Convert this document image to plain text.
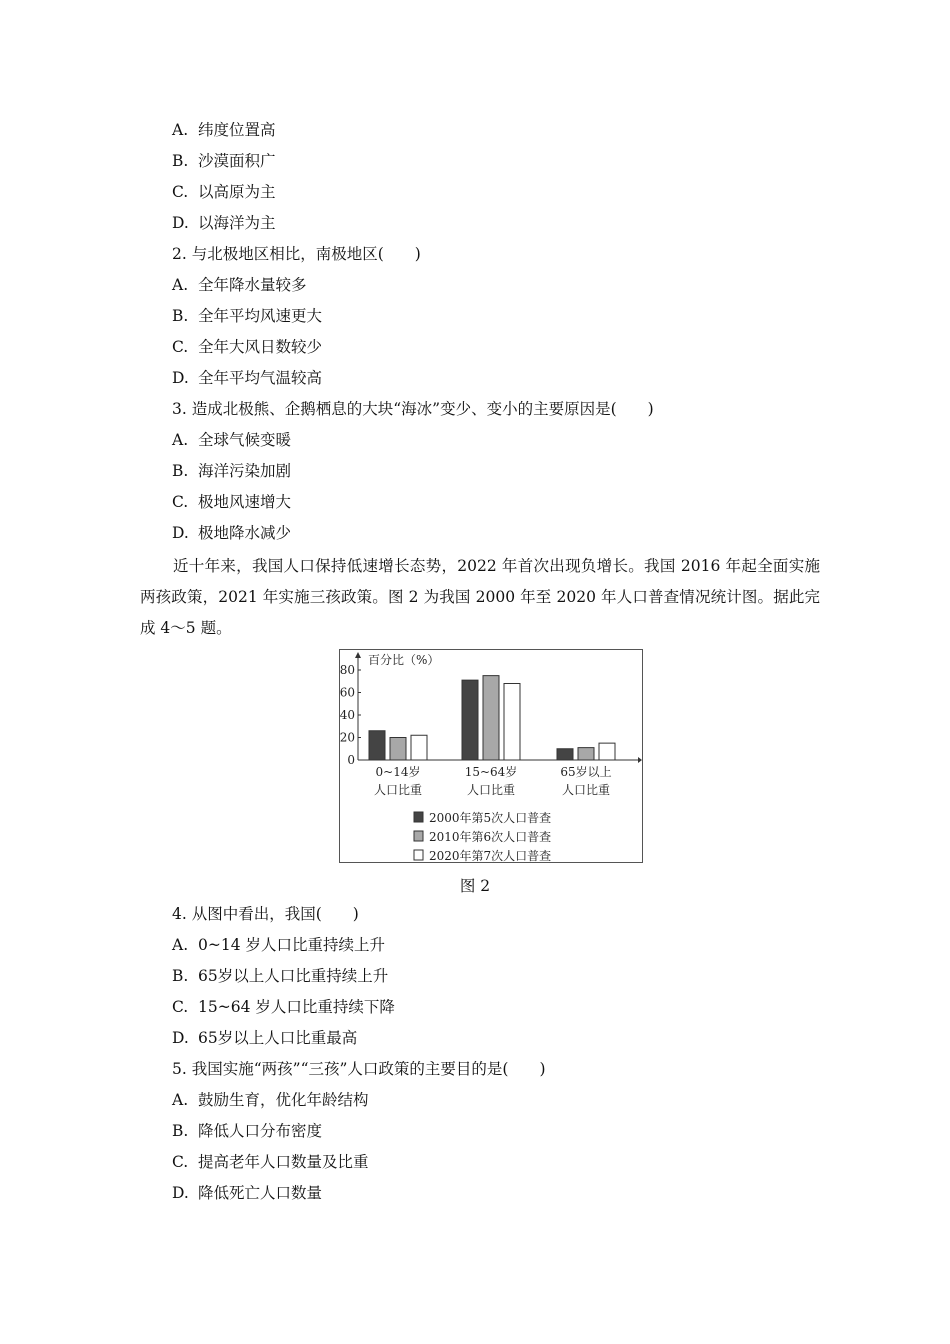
A. 纬度位置高
B. 沙漠面积广
C. 以高原为主
D. 以海洋为主
2. 与北极地区相比，南极地区(　　)
A. 全年降水量较多
B. 全年平均风速更大
C. 全年大风日数较少
D. 全年平均气温较高
3. 造成北极熊、企鹅栖息的大块“海冰”变少、变小的主要原因是(　　)
A. 全球气候变暖
B. 海洋污染加剧
C. 极地风速增大
D. 极地降水减少
近十年来，我国人口保持低速增长态势，2022 年首次出现负增长。我国 2016 年起全面实施两孩政策，2021 年实施三孩政策。图 2 为我国 2000 年至 2020 年人口普查情况统计图。据此完成 4～5 题。
百分比（%）
0
20
40
60
80
0~14岁
人口比重
15~64岁
人口比重
65岁以上
人口比重
2000年第5次人口普查
2010年第6次人口普查
2020年第7次人口普查
图 2
4. 从图中看出，我国(　　)
A. 0~14 岁人口比重持续上升
B. 65岁以上人口比重持续上升
C. 15~64 岁人口比重持续下降
D. 65岁以上人口比重最高
5. 我国实施“两孩”“三孩”人口政策的主要目的是(　　)
A. 鼓励生育，优化年龄结构
B. 降低人口分布密度
C. 提高老年人口数量及比重
D. 降低死亡人口数量
